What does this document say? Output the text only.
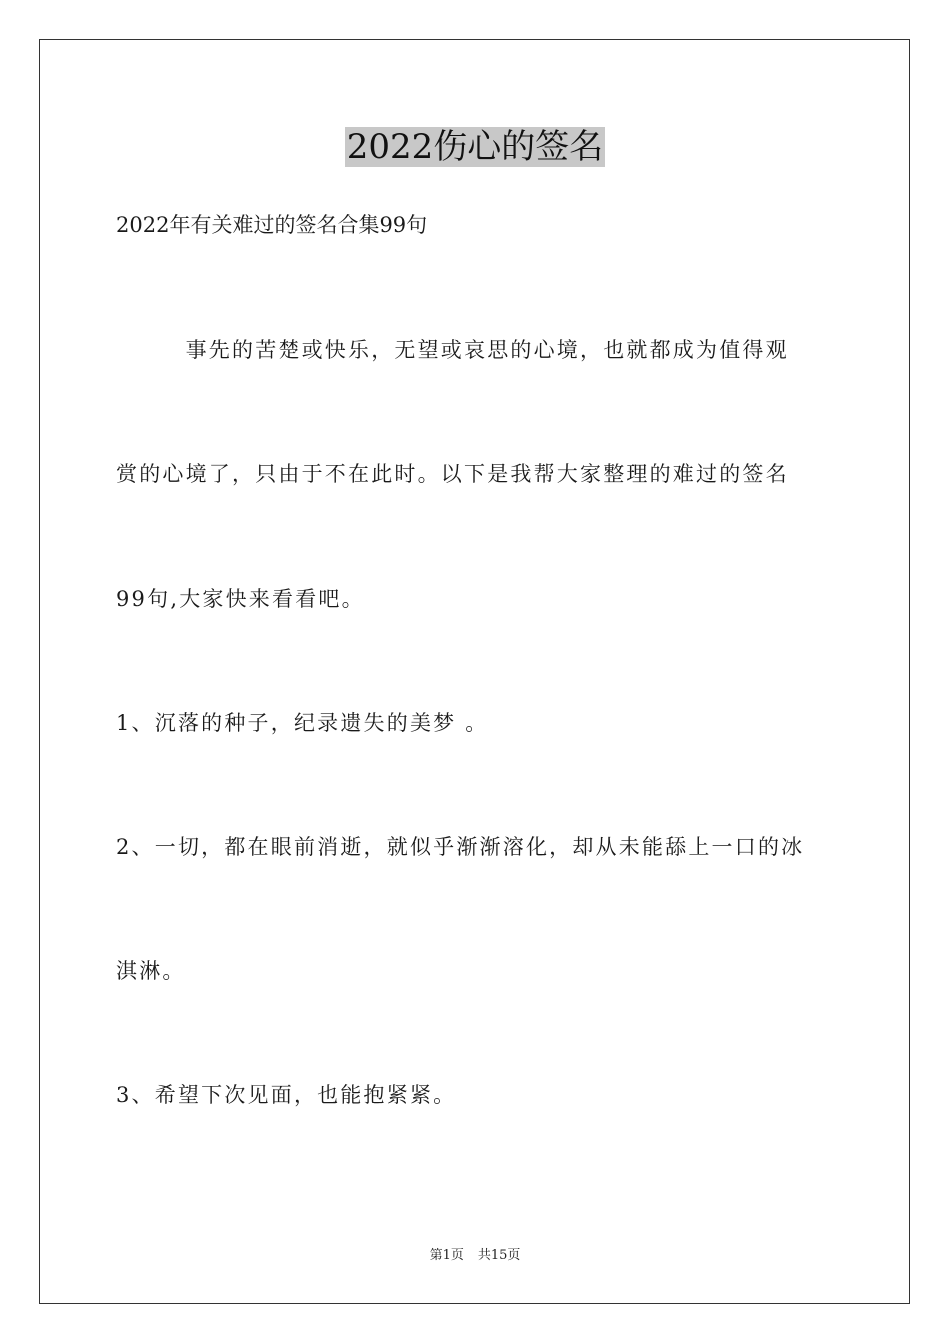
2022伤心的签名
2022年有关难过的签名合集99句
　　　事先的苦楚或快乐，无望或哀思的心境，也就都成为值得观
赏的心境了，只由于不在此时。以下是我帮大家整理的难过的签名
99句,大家快来看看吧。
1、沉落的种子，纪录遗失的美梦 。
2、一切，都在眼前消逝，就似乎渐渐溶化，却从未能舔上一口的冰
淇淋。
3、希望下次见面，也能抱紧紧。
第1页 共15页
